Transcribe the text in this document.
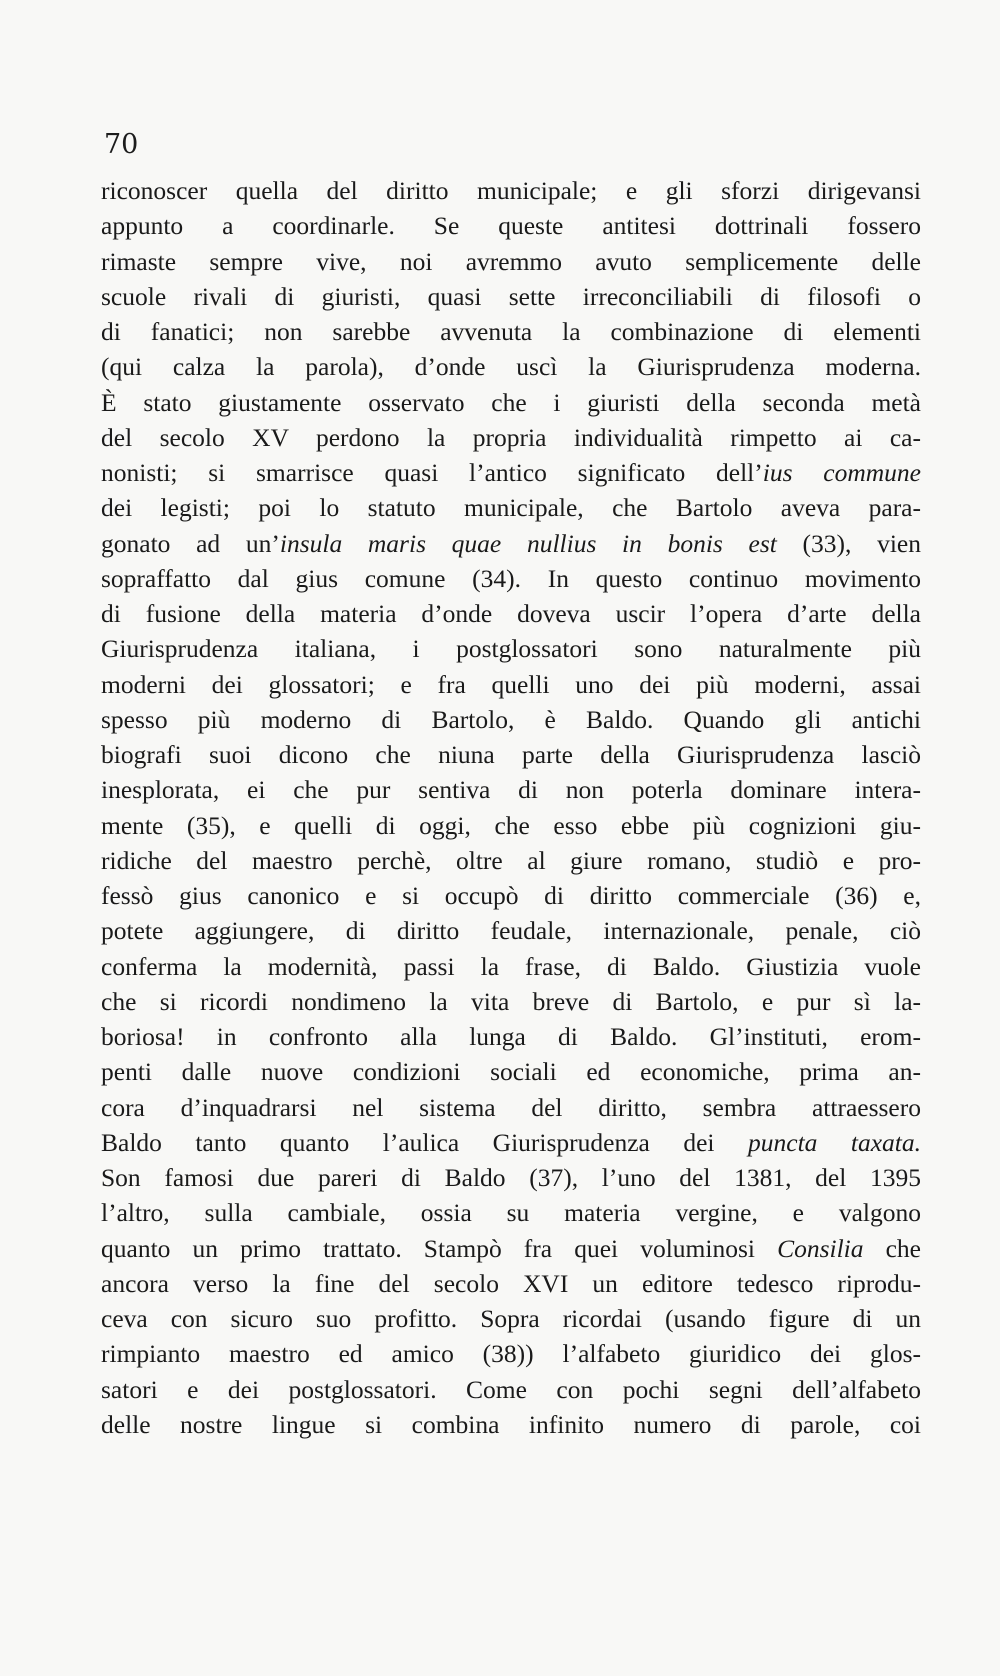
70

riconoscer quella del diritto municipale; e gli sforzi dirigevansi
appunto a coordinarle. Se queste antitesi dottrinali fossero
rimaste sempre vive, noi avremmo avuto semplicemente delle
scuole rivali di giuristi, quasi sette irreconciliabili di filosofi o
di fanatici; non sarebbe avvenuta la combinazione di elementi
(qui calza la parola), d’onde uscì la Giurisprudenza moderna.
È stato giustamente osservato che i giuristi della seconda metà
del secolo XV perdono la propria individualità rimpetto ai ca-
nonisti; si smarrisce quasi l’antico significato dell’ius commune
dei legisti; poi lo statuto municipale, che Bartolo aveva para-
gonato ad un’insula maris quae nullius in bonis est (33), vien
sopraffatto dal gius comune (34). In questo continuo movimento
di fusione della materia d’onde doveva uscir l’opera d’arte della
Giurisprudenza italiana, i postglossatori sono naturalmente più
moderni dei glossatori; e fra quelli uno dei più moderni, assai
spesso più moderno di Bartolo, è Baldo. Quando gli antichi
biografi suoi dicono che niuna parte della Giurisprudenza lasciò
inesplorata, ei che pur sentiva di non poterla dominare intera-
mente (35), e quelli di oggi, che esso ebbe più cognizioni giu-
ridiche del maestro perchè, oltre al giure romano, studiò e pro-
fessò gius canonico e si occupò di diritto commerciale (36) e,
potete aggiungere, di diritto feudale, internazionale, penale, ciò
conferma la modernità, passi la frase, di Baldo. Giustizia vuole
che si ricordi nondimeno la vita breve di Bartolo, e pur sì la-
boriosa! in confronto alla lunga di Baldo. Gl’instituti, erom-
penti dalle nuove condizioni sociali ed economiche, prima an-
cora d’inquadrarsi nel sistema del diritto, sembra attraessero
Baldo tanto quanto l’aulica Giurisprudenza dei puncta taxata.
Son famosi due pareri di Baldo (37), l’uno del 1381, del 1395
l’altro, sulla cambiale, ossia su materia vergine, e valgono
quanto un primo trattato. Stampò fra quei voluminosi Consilia che
ancora verso la fine del secolo XVI un editore tedesco riprodu-
ceva con sicuro suo profitto. Sopra ricordai (usando figure di un
rimpianto maestro ed amico (38)) l’alfabeto giuridico dei glos-
satori e dei postglossatori. Come con pochi segni dell’alfabeto
delle nostre lingue si combina infinito numero di parole, coi
